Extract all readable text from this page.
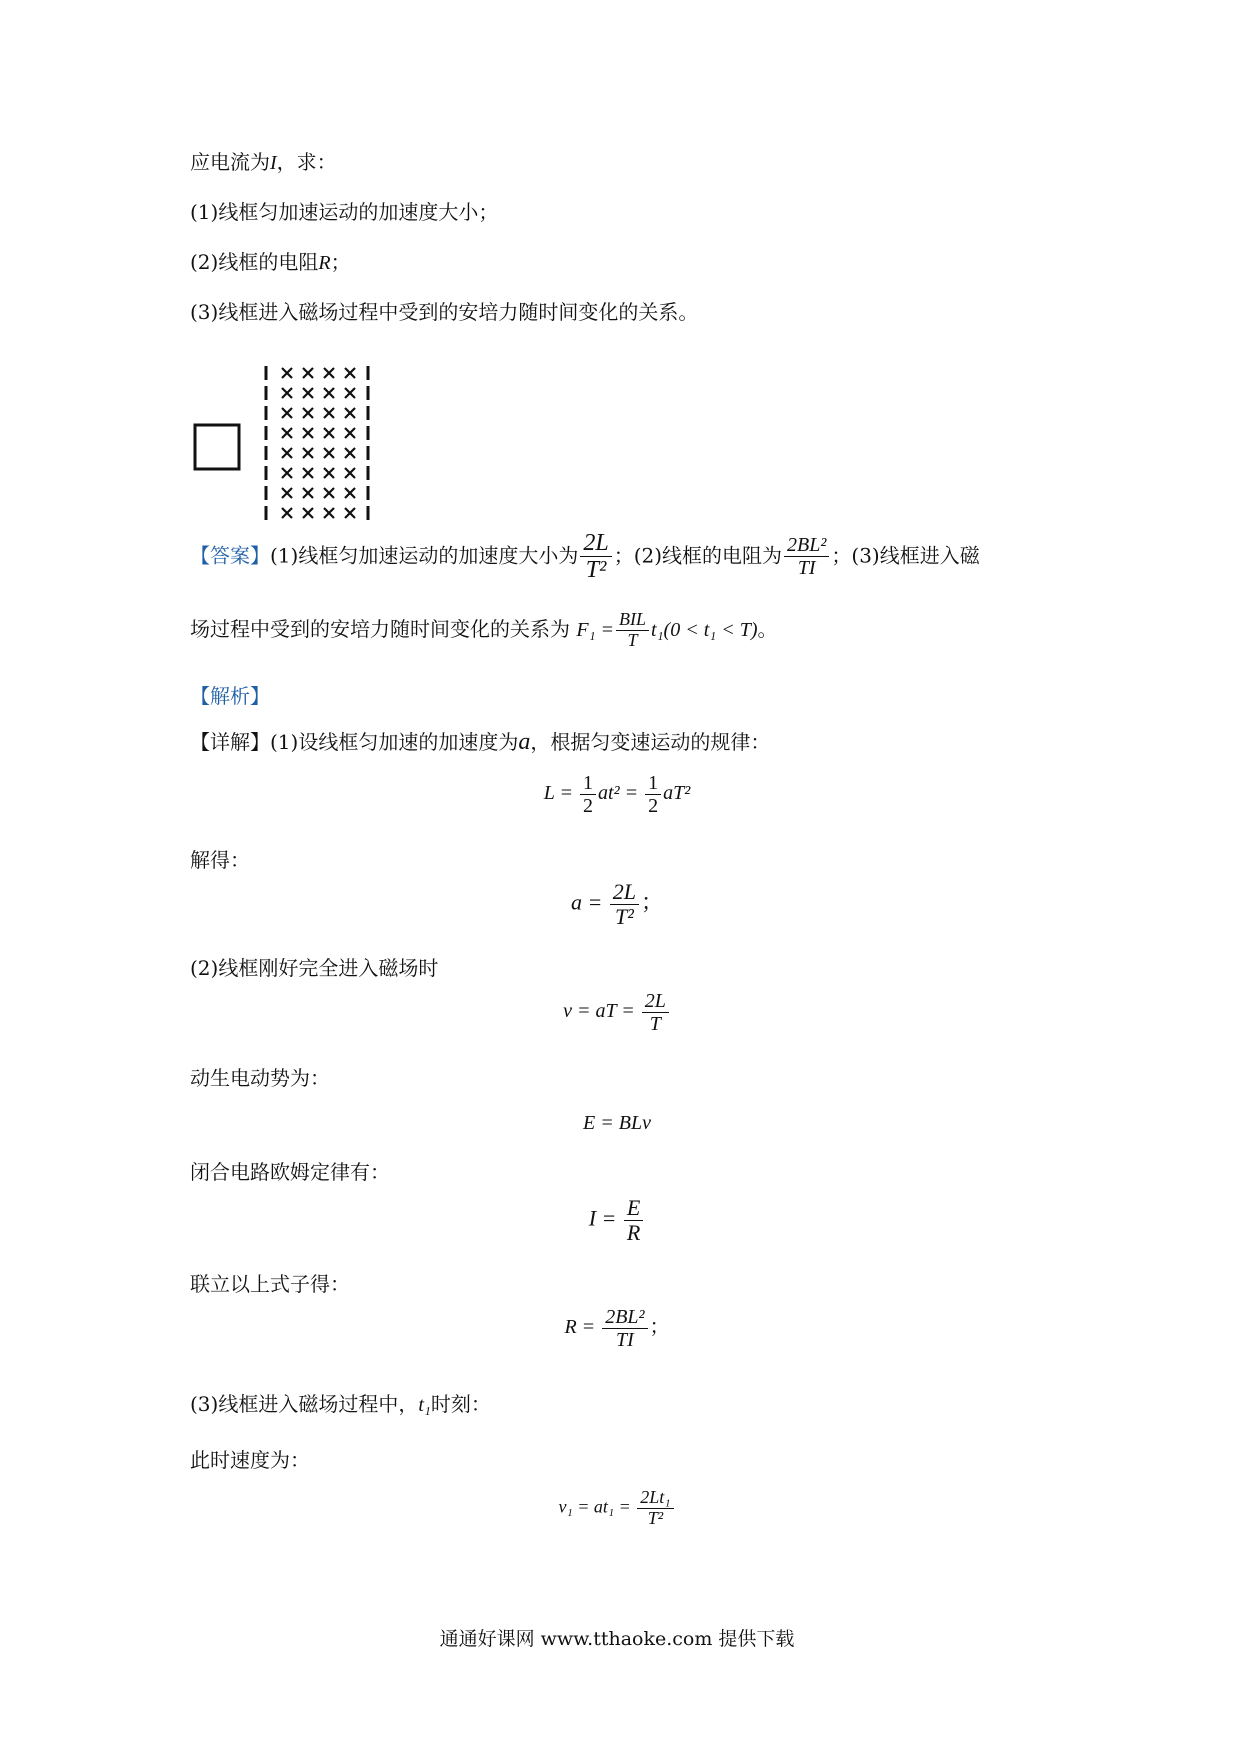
应电流为I，求：
(1)线框匀加速运动的加速度大小；
(2)线框的电阻R；
(3)线框进入磁场过程中受到的安培力随时间变化的关系。
【答案】(1)线框匀加速运动的加速度大小为 $\frac{2L}{\text{T²}}$ ；(2)线框的电阻为 $\frac{\text{2BL²}}{TI}$ ；(3)线框进入磁
场过程中受到的安培力随时间变化的关系为 $F_1 = \frac{\text{BIL}}{T} t_1(0 < t_1 < T)$。
【解析】
【详解】(1)设线框匀加速的加速度为a，根据匀变速运动的规律：
$L = \frac{1}{2} at^2 = \frac{1}{2} aT^2$
解得：
$a = \frac{2L}{\text{T²}}$ ；
(2)线框刚好完全进入磁场时
v = aT = $\frac{2L}{T}$
动生电动势为：
E = BLv
闭合电路欧姆定律有：
$I = \frac{E}{R}$
联立以上式子得：
$R = \frac{\text{2BL²}}{TI}$ ；
(3)线框进入磁场过程中，t₁时刻：
此时速度为：
$v_1 = at_1 = \frac{\text{2Lt₁}}{\text{T²}}$
通通好课网 www.tthaoke.com 提供下载
